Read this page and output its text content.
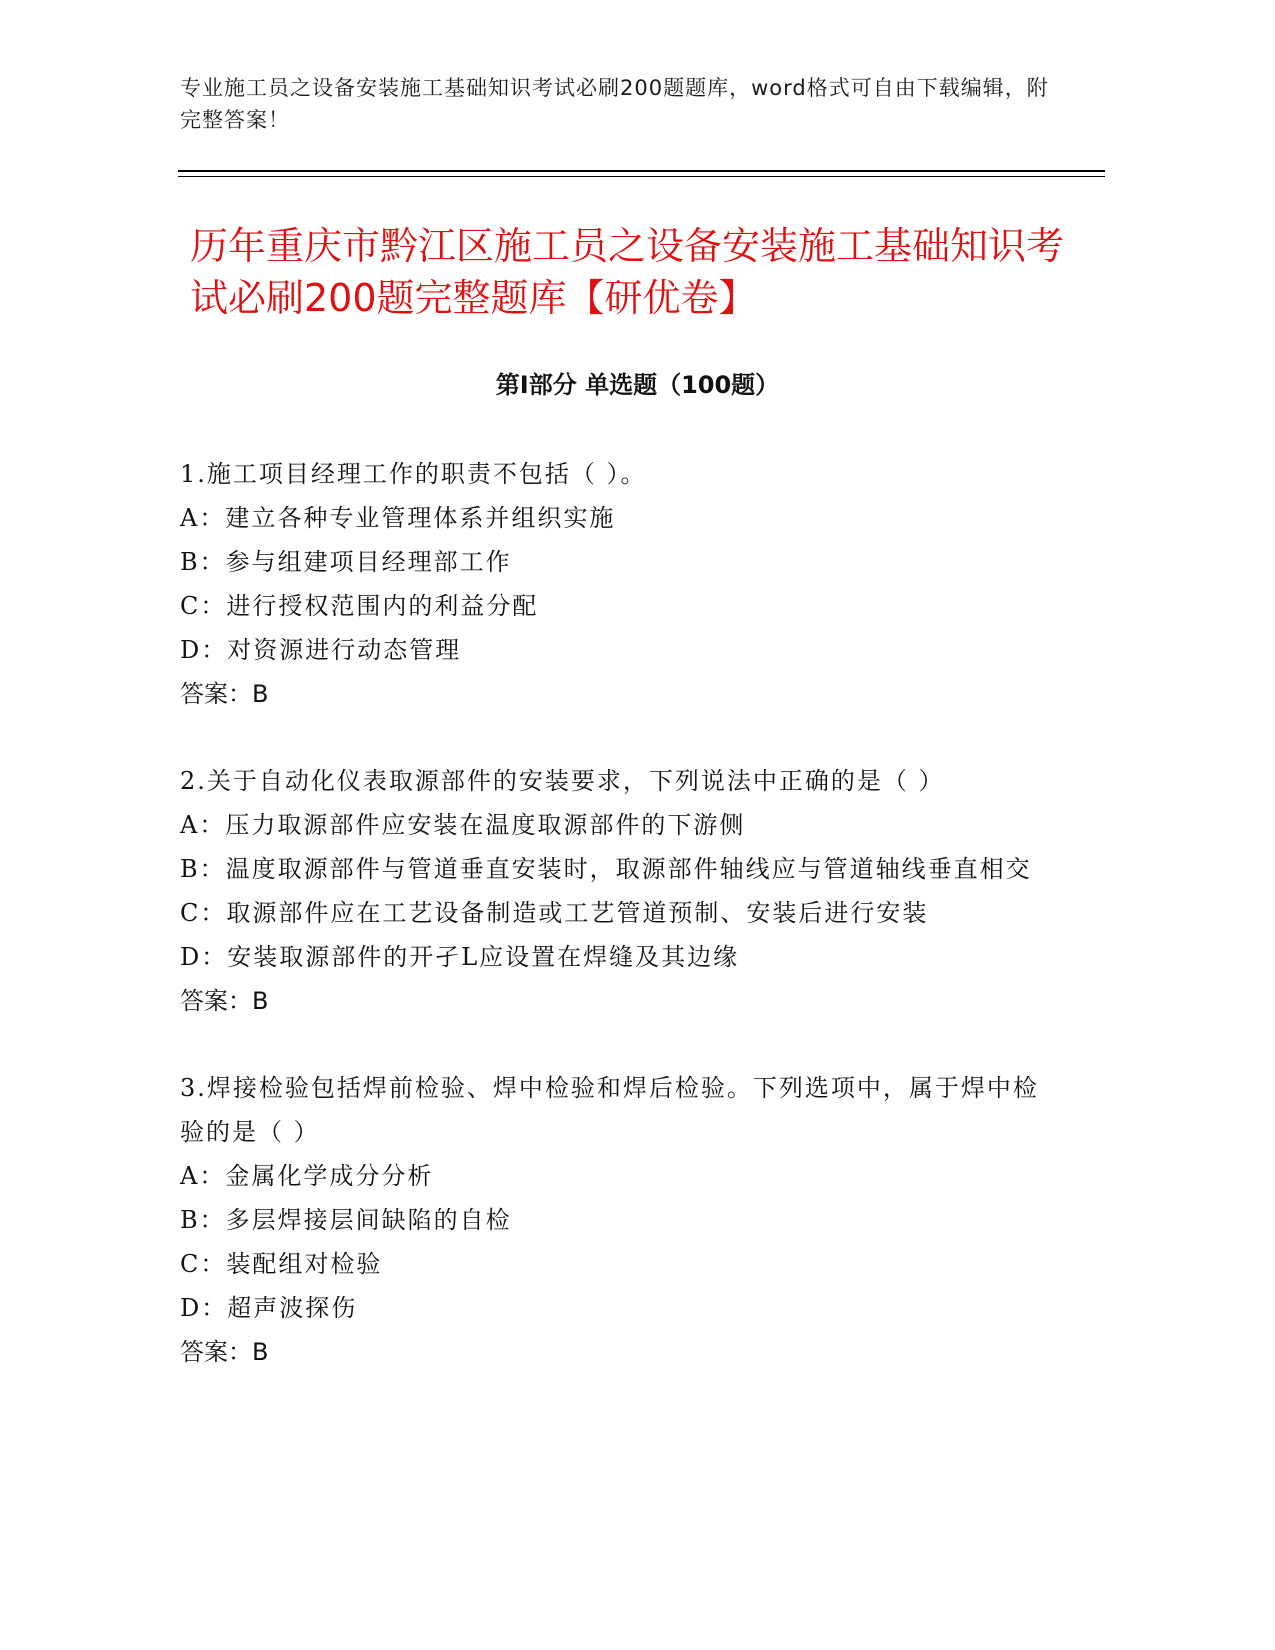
专业施工员之设备安装施工基础知识考试必刷200题题库，word格式可自由下载编辑，附完整答案！
历年重庆市黔江区施工员之设备安装施工基础知识考试必刷200题完整题库【研优卷】
第Ⅰ部分 单选题（100题）
1.施工项目经理工作的职责不包括（ ）。
A：建立各种专业管理体系并组织实施
B：参与组建项目经理部工作
C：进行授权范围内的利益分配
D：对资源进行动态管理
答案：B
2.关于自动化仪表取源部件的安装要求，下列说法中正确的是（ ）
A：压力取源部件应安装在温度取源部件的下游侧
B：温度取源部件与管道垂直安装时，取源部件轴线应与管道轴线垂直相交
C：取源部件应在工艺设备制造或工艺管道预制、安装后进行安装
D：安装取源部件的开孑L应设置在焊缝及其边缘
答案：B
3.焊接检验包括焊前检验、焊中检验和焊后检验。下列选项中，属于焊中检验的是（ ）
A：金属化学成分分析
B：多层焊接层间缺陷的自检
C：装配组对检验
D：超声波探伤
答案：B
